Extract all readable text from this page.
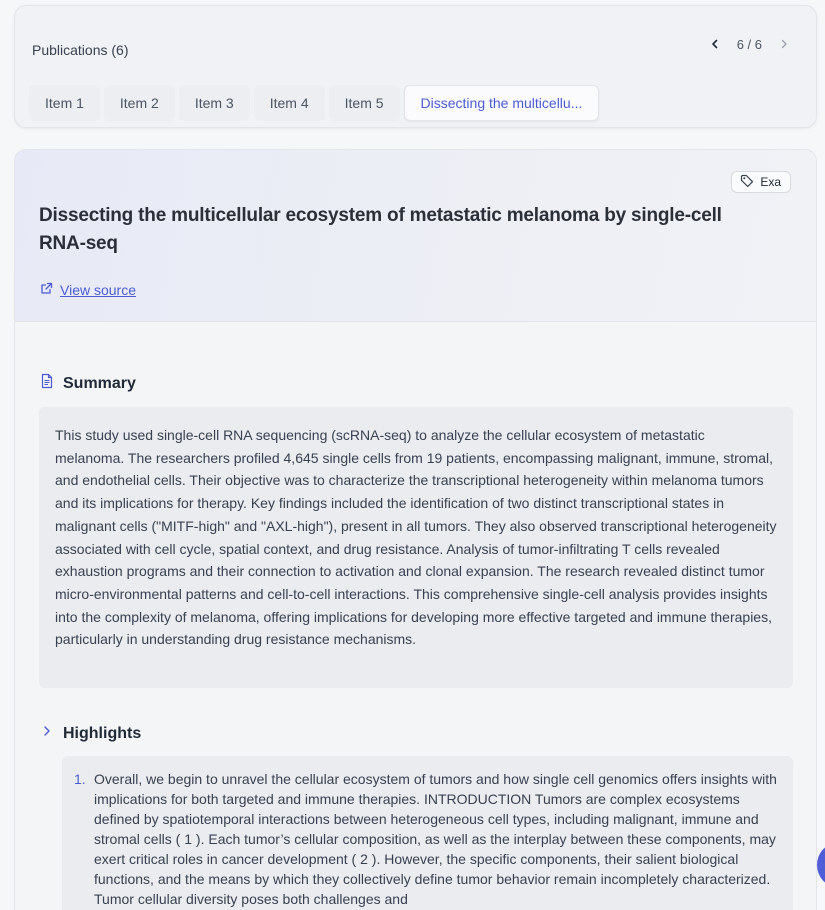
Publications (6)	6 / 6
Item 1	Item 2	Item 3	Item 4	Item 5	Dissecting the multicellu...
Exa
Dissecting the multicellular ecosystem of metastatic melanoma by single-cell RNA-seq
View source
Summary
This study used single-cell RNA sequencing (scRNA-seq) to analyze the cellular ecosystem of metastatic melanoma. The researchers profiled 4,645 single cells from 19 patients, encompassing malignant, immune, stromal, and endothelial cells. Their objective was to characterize the transcriptional heterogeneity within melanoma tumors and its implications for therapy. Key findings included the identification of two distinct transcriptional states in malignant cells ("MITF-high" and "AXL-high"), present in all tumors. They also observed transcriptional heterogeneity associated with cell cycle, spatial context, and drug resistance. Analysis of tumor-infiltrating T cells revealed exhaustion programs and their connection to activation and clonal expansion. The research revealed distinct tumor micro-environmental patterns and cell-to-cell interactions. This comprehensive single-cell analysis provides insights into the complexity of melanoma, offering implications for developing more effective targeted and immune therapies, particularly in understanding drug resistance mechanisms.
Highlights
1. Overall, we begin to unravel the cellular ecosystem of tumors and how single cell genomics offers insights with implications for both targeted and immune therapies. INTRODUCTION Tumors are complex ecosystems defined by spatiotemporal interactions between heterogeneous cell types, including malignant, immune and stromal cells ( 1 ). Each tumor’s cellular composition, as well as the interplay between these components, may exert critical roles in cancer development ( 2 ). However, the specific components, their salient biological functions, and the means by which they collectively define tumor behavior remain incompletely characterized. Tumor cellular diversity poses both challenges and
